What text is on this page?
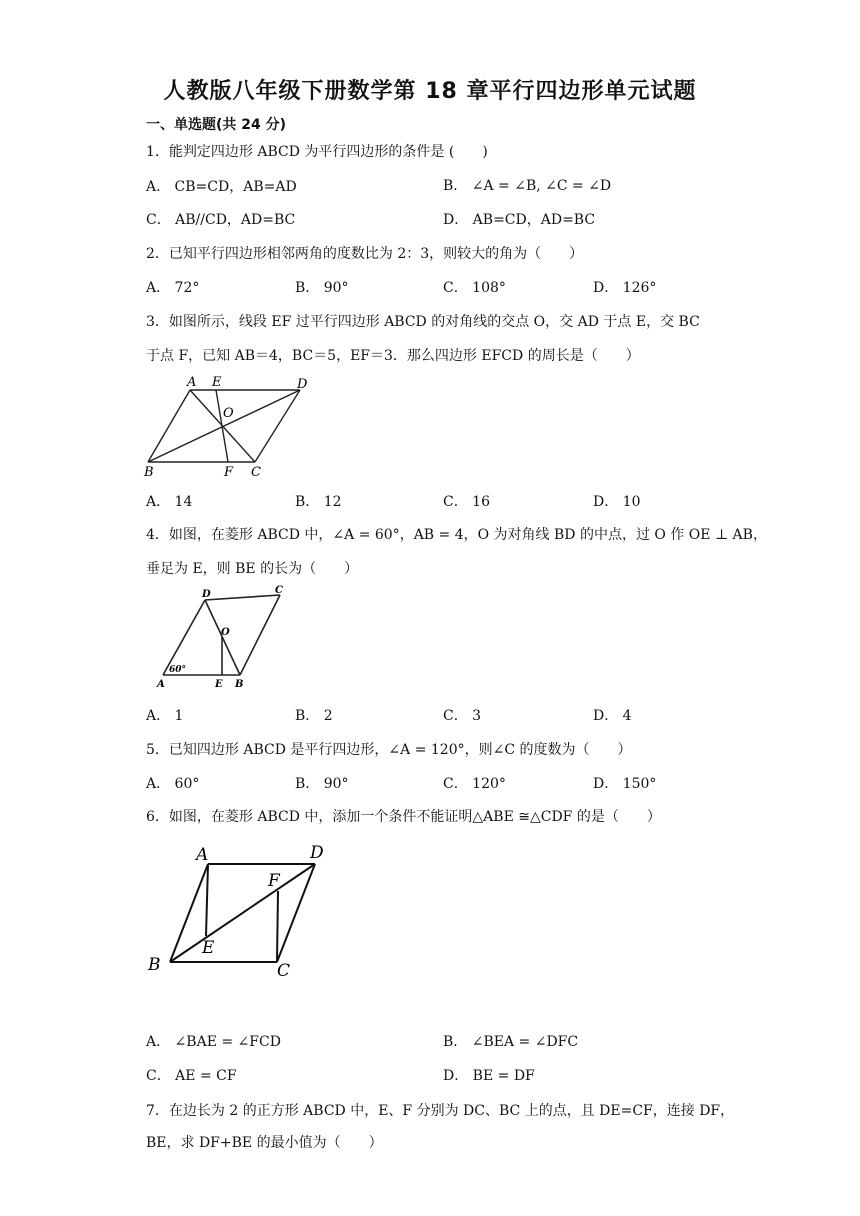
人教版八年级下册数学第 18 章平行四边形单元试题
一、单选题(共 24 分)
1．能判定四边形 ABCD 为平行四边形的条件是 (　　)
A． CB=CD，AB=AD	B． ∠A = ∠B, ∠C = ∠D
C． AB//CD，AD=BC	D． AB=CD，AD=BC
2．已知平行四边形相邻两角的度数比为 2：3，则较大的角为（　　）
A． 72°	B． 90°	C． 108°	D． 126°
3．如图所示，线段 EF 过平行四边形 ABCD 的对角线的交点 O，交 AD 于点 E，交 BC
于点 F，已知 AB＝4，BC＝5，EF＝3．那么四边形 EFCD 的周长是（　　）
A E	D
O
B	F C
A． 14	B． 12	C． 16	D． 10
4．如图，在菱形 ABCD 中，∠A = 60°，AB = 4，O 为对角线 BD 的中点，过 O 作 OE ⊥ AB，
垂足为 E，则 BE 的长为（　　）
D	C
O
60°
A	E B
A． 1	B． 2	C． 3	D． 4
5．已知四边形 ABCD 是平行四边形，∠A = 120°，则∠C 的度数为（　　）
A． 60°	B． 90°	C． 120°	D． 150°
6．如图，在菱形 ABCD 中，添加一个条件不能证明△ABE ≅△CDF 的是（　　）
A	D
F
E
B	C
A． ∠BAE = ∠FCD	B． ∠BEA = ∠DFC
C． AE = CF	D． BE = DF
7．在边长为 2 的正方形 ABCD 中，E、F 分别为 DC、BC 上的点，且 DE=CF，连接 DF，
BE，求 DF+BE 的最小值为（　　）
